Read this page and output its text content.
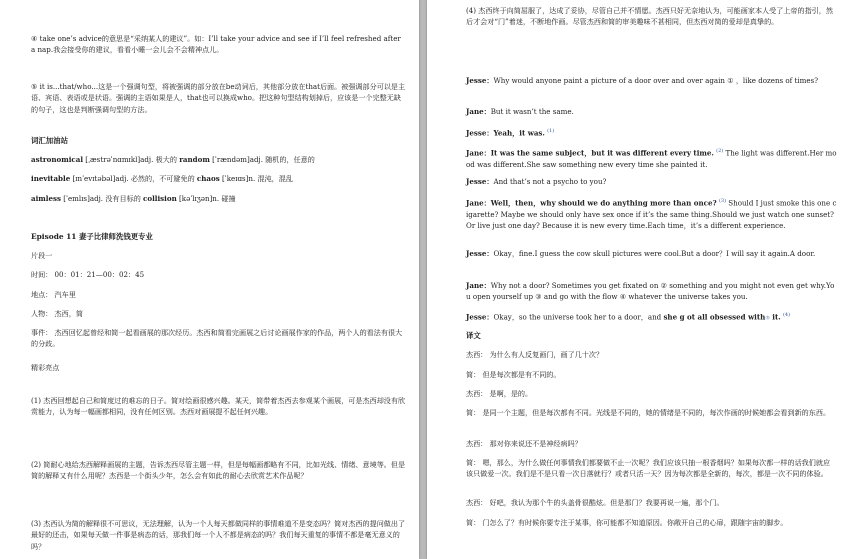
④ take one’s advice的意思是“采纳某人的建议”。如：I’ll take your advice and see if I’ll feel refreshed after a nap.我会接受你的建议，看看小睡一会儿会不会精神点儿。

⑤ it is...that/who...这是一个强调句型，将被强调的部分放在be动词后，其他部分放在that后面。被强调部分可以是主语、宾语、表语或是状语。强调的主语如果是人，that也可以换成who。把这种句型结构划掉后，应该是一个完整无缺的句子，这也是判断强调句型的方法。

词汇加油站

astronomical [ˌæstrəˈnɑmɪkl]adj. 极大的 random [ˈrændəm]adj. 随机的，任意的

inevitable [ɪnˈevɪtəbəl]adj. 必然的，不可避免的 chaos [ˈkeɪɑs]n. 混沌，混乱

aimless [ˈemlɪs]adj. 没有目标的 collision [kəˈlɪʒən]n. 碰撞

Episode 11 妻子比律师洗钱更专业

片段一

时间： 00：01：21—00：02：45

地点： 汽车里

人物： 杰西，简

事件： 杰西回忆起曾经和简一起看画展的那次经历。杰西和简看完画展之后讨论画展作家的作品，两个人的看法有很大的分歧。

精彩亮点

(1) 杰西回想起自己和简度过的难忘的日子。简对绘画很感兴趣。某天，简带着杰西去参观某个画展，可是杰西却没有欣赏能力，认为每一幅画都相同，没有任何区别。杰西对画展提不起任何兴趣。

(2) 简耐心地给杰西解释画展的主题，告诉杰西尽管主题一样，但是每幅画都略有不同，比如光线、情绪、意境等。但是简的解释又有什么用呢？杰西是一个街头少年，怎么会有如此的耐心去欣赏艺术作品呢？

(3) 杰西认为简的解释很不可思议，无法理解，认为一个人每天都做同样的事情难道不是变态吗？简对杰西的提问做出了最好的还击，如果每天做一件事是病态的话，那我们每一个人不都是病态的吗？我们每天重复的事情不都是毫无意义的吗？

(4) 杰西终于向简屈服了，达成了妥协，尽管自己并不情愿。杰西只好无奈地认为，可能画家本人受了上帝的指引，然后才会对“门”着迷，不断地作画。尽管杰西和简的审美趣味不甚相同，但杰西对简的爱却是真挚的。

Jesse：Why would anyone paint a picture of a door over and over again ① ，like dozens of times?

Jane：But it wasn’t the same.

Jesse：Yeah，it was. $^{(1)}$

Jane：It was the same subject，but it was different every time. $^{(2)}$ The light was different.Her mood was different.She saw something new every time she painted it.

Jesse：And that’s not a psycho to you?

Jane：Well，then，why should we do anything more than once? $^{(3)}$ Should I just smoke this one cigarette? Maybe we should only have sex once if it’s the same thing.Should we just watch one sunset? Or live just one day? Because it is new every time.Each time，it’s a different experience.

Jesse：Okay，fine.I guess the cow skull pictures were cool.But a door？I will say it again.A door.

Jane：Why not a door? Sometimes you get fixated on ② something and you might not even get why.You open yourself up ③ and go with the flow ④ whatever the universe takes you.

Jesse：Okay，so the universe took her to a door，and she g ot all obsessed with⑤ it. $^{(4)}$

译文

杰西： 为什么有人反复画门，画了几十次？

简： 但是每次都是有不同的。

杰西： 是啊，是的。

简： 是同一个主题，但是每次都有不同。光线是不同的，她的情绪是不同的，每次作画的时候她都会看到新的东西。

杰西： 那对你来说还不是神经病吗？

简： 嗯，那么，为什么做任何事情我们都要做不止一次呢？我们应该只抽一根香烟吗？如果每次都一样的话我们就应该只做爱一次。我们是不是只看一次日落就行？或者只活一天？因为每次都是全新的，每次，都是一次不同的体验。

杰西： 好吧，我认为那个牛的头盖骨很酷炫。但是那门？我要再说一遍，那个门。

简： 门怎么了？有时候你要专注于某事，你可能都不知道原因。你敞开自己的心扉，跟随宇宙的脚步。
